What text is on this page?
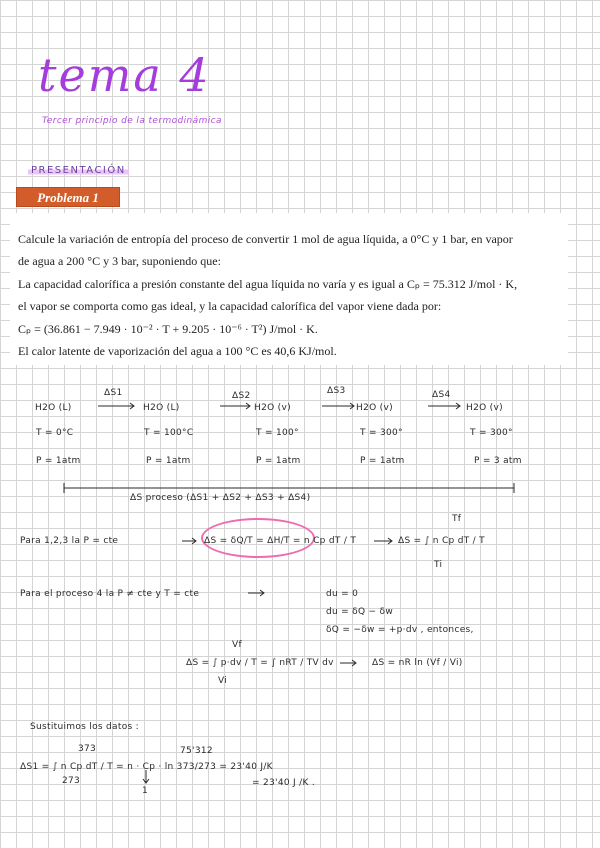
tema 4
Tercer principio de la termodinámica
PRESENTACIÓN
Problema 1
Calcule la variación de entropía del proceso de convertir 1 mol de agua líquida, a 0°C y 1 bar, en vapor
de agua a 200 °C y 3 bar, suponiendo que:
La capacidad calorífica a presión constante del agua líquida no varía y es igual a Cₚ = 75.312 J/mol · K,
el vapor se comporta como gas ideal, y la capacidad calorífica del vapor viene dada por:
Cₚ = (36.861 − 7.949 · 10⁻² · T + 9.205 · 10⁻⁶ · T²) J/mol · K.
El calor latente de vaporización del agua a 100 °C es 40,6 KJ/mol.
ΔS1	ΔS2	ΔS3	ΔS4
H2O (L)	H2O (L)	H2O (v)	H2O (v)	H2O (v)
T = 0°C	T = 100°C	T = 100°	T = 300°	T = 300°
P = 1atm	P = 1atm	P = 1atm	P = 1atm	P = 3 atm
ΔS proceso (ΔS1 + ΔS2 + ΔS3 + ΔS4)
Para 1,2,3 la P = cte	ΔS = δQ/T = ΔH/T = n Cp dT / T	ΔS = ∫ n Cp dT / T
Tf
Ti
Para el proceso 4 la P ≠ cte y T = cte	du = 0
du = δQ − δw
δQ = −δw = +p·dv , entonces,
ΔS = ∫ p·dv / T = ∫ nRT / TV dv	ΔS = nR ln (Vf / Vi)
Vf
Vi
Sustituimos los datos :
ΔS1 = ∫ n Cp dT / T = n · Cp · ln 373/273 = 23'40 J/K
373
273
75'312
1
= 23'40 J /K .
